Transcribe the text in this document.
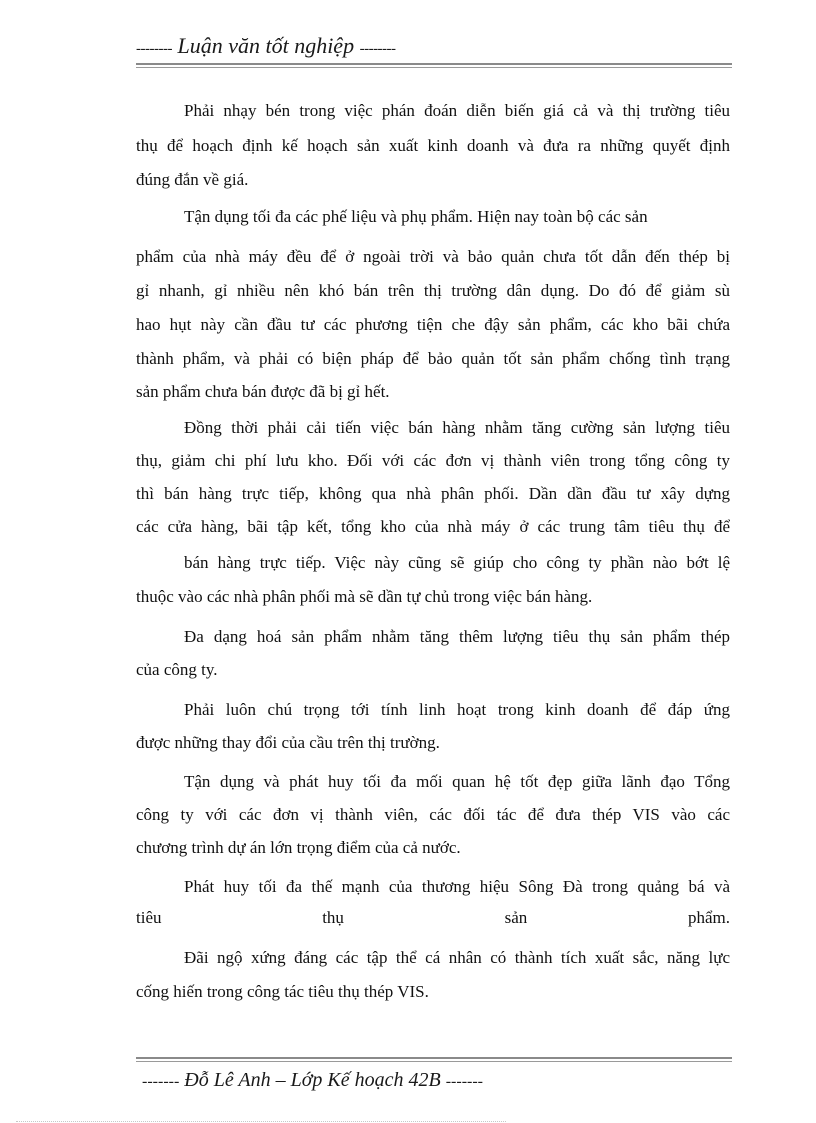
-------- Luận văn tốt nghiệp --------
Phải nhạy bén trong việc phán đoán diễn biến giá cả và thị trường tiêu
thụ để hoạch định kế hoạch sản xuất kinh doanh và đưa ra những quyết định
đúng đắn về giá.
Tận dụng tối đa các phế liệu và phụ phẩm. Hiện nay toàn bộ các sản
phẩm của nhà máy đều để ở ngoài trời và bảo quản chưa tốt dẫn đến thép bị
gỉ nhanh, gỉ nhiều nên khó bán trên thị trường dân dụng. Do đó để giảm sù
hao hụt này cần đầu tư các phương tiện che đậy sản phẩm, các kho bãi chứa
thành phẩm, và phải có biện pháp để bảo quản tốt sản phẩm chống tình trạng
sản phẩm chưa bán được đã bị gỉ hết.
Đồng thời phải cải tiến việc bán hàng nhằm tăng cường sản lượng tiêu
thụ, giảm chi phí lưu kho. Đối với các đơn vị thành viên trong tổng công ty
thì bán hàng trực tiếp, không qua nhà phân phối. Dần dần đầu tư xây dựng
các cửa hàng, bãi tập kết, tổng kho của nhà máy ở các trung tâm tiêu thụ để
bán hàng trực tiếp. Việc này cũng sẽ giúp cho công ty phần nào bớt lệ
thuộc vào các nhà phân phối mà sẽ dần tự chủ trong việc bán hàng.
Đa dạng hoá sản phẩm nhằm tăng thêm lượng tiêu thụ sản phẩm thép
của công ty.
Phải luôn chú trọng tới tính linh hoạt trong kinh doanh để đáp ứng
được những thay đổi của cầu trên thị trường.
Tận dụng và phát huy tối đa mối quan hệ tốt đẹp giữa lãnh đạo Tổng
công ty với các đơn vị thành viên, các đối tác để đưa thép VIS vào các
chương trình dự án lớn trọng điểm của cả nước.
Phát huy tối đa thế mạnh của thương hiệu Sông Đà trong quảng bá và
tiêu	thụ	sản	phẩm.
Đãi ngộ xứng đáng các tập thể cá nhân có thành tích xuất sắc, năng lực
cống hiến trong công tác tiêu thụ thép VIS.
------- Đỗ Lê Anh – Lớp Kế hoạch 42B -------
